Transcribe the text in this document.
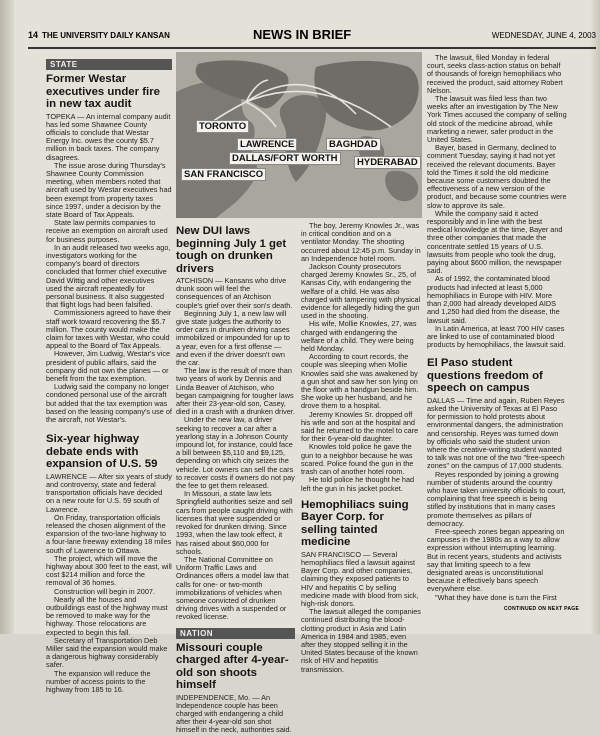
14 THE UNIVERSITY DAILY KANSAN	NEWS IN BRIEF	WEDNESDAY, JUNE 4, 2003
STATE
Former Westar executives under fire in new tax audit

TOPEKA — An internal company audit has led some Shawnee County officials to conclude that Westar Energy Inc. owes the county $5.7 million in back taxes. The company disagrees.

The issue arose during Thursday's Shawnee County Commission meeting, when members noted that aircraft used by Westar executives had been exempt from property taxes since 1997, under a decision by the state Board of Tax Appeals.

State law permits companies to receive an exemption on aircraft used for business purposes.

In an audit released two weeks ago, investigators working for the company's board of directors concluded that former chief executive David Wittig and other executives used the aircraft repeatedly for personal business. It also suggested that flight logs had been falsified.

Commissioners agreed to have their staff work toward recovering the $5.7 million. The county would make the claim for taxes with Westar, who could appeal to the Board of Tax Appeals.

However, Jim Ludwig, Westar's vice president of public affairs, said the company did not own the planes — or benefit from the tax exemption.

Ludwig said the company no longer condoned personal use of the aircraft but added that the tax exemption was based on the leasing company's use of the aircraft, not Westar's.

Six-year highway debate ends with expansion of U.S. 59

LAWRENCE — After six years of study and controversy, state and federal transportation officials have decided on a new route for U.S. 59 south of Lawrence.

On Friday, transportation officials released the chosen alignment of the expansion of the two-lane highway to a four-lane freeway extending 18 miles south of Lawrence to Ottawa.

The project, which will move the highway about 300 feet to the east, will cost $214 million and force the removal of 36 homes.

Construction will begin in 2007.

Nearly all the houses and outbuildings east of the highway must be removed to make way for the highway. Those relocations are expected to begin this fall.

Secretary of Transportation Deb Miller said the expansion would make a dangerous highway considerably safer.

The expansion will reduce the number of access points to the highway from 185 to 16.

TORONTO
LAWRENCE
DALLAS/FORT WORTH
SAN FRANCISCO
BAGHDAD
HYDERABAD
New DUI laws beginning July 1 get tough on drunken drivers

ATCHISON — Kansans who drive drunk soon will feel the consequences of an Atchison couple's grief over their son's death.

Beginning July 1, a new law will give state judges the authority to order cars in drunken driving cases immobilized or impounded for up to a year, even for a first offense — and even if the driver doesn't own the car.

The law is the result of more than two years of work by Dennis and Linda Beaver of Atchison, who began campaigning for tougher laws after their 23-year-old son, Casey, died in a crash with a drunken driver.

Under the new law, a driver seeking to recover a car after a yearlong stay in a Johnson County impound lot, for instance, could face a bill between $5,110 and $9,125, depending on which city seizes the vehicle. Lot owners can sell the cars to recover costs if owners do not pay the fee to get them released.

In Missouri, a state law lets Springfield authorities seize and sell cars from people caught driving with licenses that were suspended or revoked for drunken driving. Since 1993, when the law took effect, it has raised about $60,000 for schools.

The National Committee on Uniform Traffic Laws and Ordinances offers a model law that calls for one- or two-month immobilizations of vehicles when someone convicted of drunken driving drives with a suspended or revoked license.

NATION
Missouri couple charged after 4-year-old son shoots himself

INDEPENDENCE, Mo. — An Independence couple has been charged with endangering a child after their 4-year-old son shot himself in the neck, authorities said.

The boy, Jeremy Knowles Jr., was in critical condition and on a ventilator Monday. The shooting occurred about 12:45 p.m. Sunday in an Independence hotel room.

Jackson County prosecutors charged Jeremy Knowles Sr., 25, of Kansas City, with endangering the welfare of a child. He was also charged with tampering with physical evidence for allegedly hiding the gun used in the shooting.

His wife, Mollie Knowles, 27, was charged with endangering the welfare of a child. They were being held Monday.

According to court records, the couple was sleeping when Mollie Knowles said she was awakened by a gun shot and saw her son lying on the floor with a handgun beside him. She woke up her husband, and he drove them to a hospital.

Jeremy Knowles Sr. dropped off his wife and son at the hospital and said he returned to the motel to care for their 6-year-old daughter.

Knowles told police he gave the gun to a neighbor because he was scared. Police found the gun in the trash can of another hotel room.

He told police he thought he had left the gun in his jacket pocket.

Hemophiliacs suing Bayer Corp. for selling tainted medicine

SAN FRANCISCO — Several hemophiliacs filed a lawsuit against Bayer Corp. and other companies, claiming they exposed patients to HIV and hepatitis C by selling medicine made with blood from sick, high-risk donors.

The lawsuit alleged the companies continued distributing the blood-clotting product in Asia and Latin America in 1984 and 1985, even after they stopped selling it in the United States because of the known risk of HIV and hepatitis transmission.

The lawsuit, filed Monday in federal court, seeks class-action status on behalf of thousands of foreign hemophiliacs who received the product, said attorney Robert Nelson.

The lawsuit was filed less than two weeks after an investigation by The New York Times accused the company of selling old stock of the medicine abroad, while marketing a newer, safer product in the United States.

Bayer, based in Germany, declined to comment Tuesday, saying it had not yet received the relevant documents. Bayer told the Times it sold the old medicine because some customers doubted the effectiveness of a new version of the product, and because some countries were slow to approve its sale.

While the company said it acted responsibly and in line with the best medical knowledge at the time, Bayer and three other companies that made the concentrate settled 15 years of U.S. lawsuits from people who took the drug, paying about $600 million, the newspaper said.

As of 1992, the contaminated blood products had infected at least 5,000 hemophiliacs in Europe with HIV. More than 2,000 had already developed AIDS and 1,250 had died from the disease, the lawsuit said.

In Latin America, at least 700 HIV cases are linked to use of contaminated blood products by hemophiliacs, the lawsuit said.

El Paso student questions freedom of speech on campus

DALLAS — Time and again, Ruben Reyes asked the University of Texas at El Paso for permission to hold protests about environmental dangers, the administration and censorship. Reyes was turned down by officials who said the student union where the creative-writing student wanted to talk was not one of the two "free-speech zones" on the campus of 17,000 students.

Reyes responded by joining a growing number of students around the country who have taken university officials to court, complaining that free speech is being stifled by institutions that in many cases promote themselves as pillars of democracy.

Free-speech zones began appearing on campuses in the 1980s as a way to allow expression without interrupting learning. But in recent years, students and activists say that limiting speech to a few designated areas is unconstitutional because it effectively bans speech everywhere else.

"What they have done is turn the First

CONTINUED ON NEXT PAGE
